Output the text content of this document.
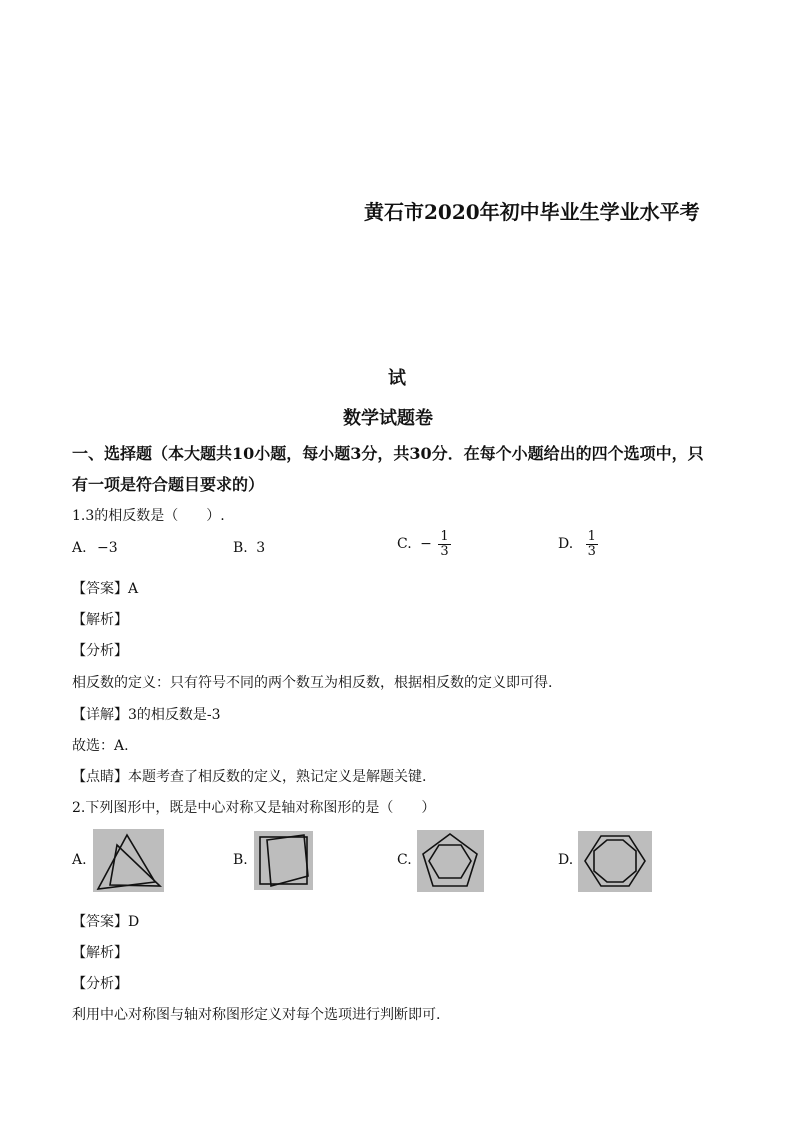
黄石市2020年初中毕业生学业水平考
试
数学试题卷
一、选择题（本大题共10小题，每小题3分，共30分．在每个小题给出的四个选项中，只
有一项是符合题目要求的）
1.3的相反数是（　　）.
A. −3	B. 3	C. − $\frac{1}{3}$	D. $\frac{1}{3}$
【答案】A
【解析】
【分析】
相反数的定义：只有符号不同的两个数互为相反数，根据相反数的定义即可得.
【详解】3的相反数是-3
故选：A.
【点睛】本题考查了相反数的定义，熟记定义是解题关键.
2.下列图形中，既是中心对称又是轴对称图形的是（　　）
A.	B.	C.	D.
【答案】D
【解析】
【分析】
利用中心对称图与轴对称图形定义对每个选项进行判断即可.
